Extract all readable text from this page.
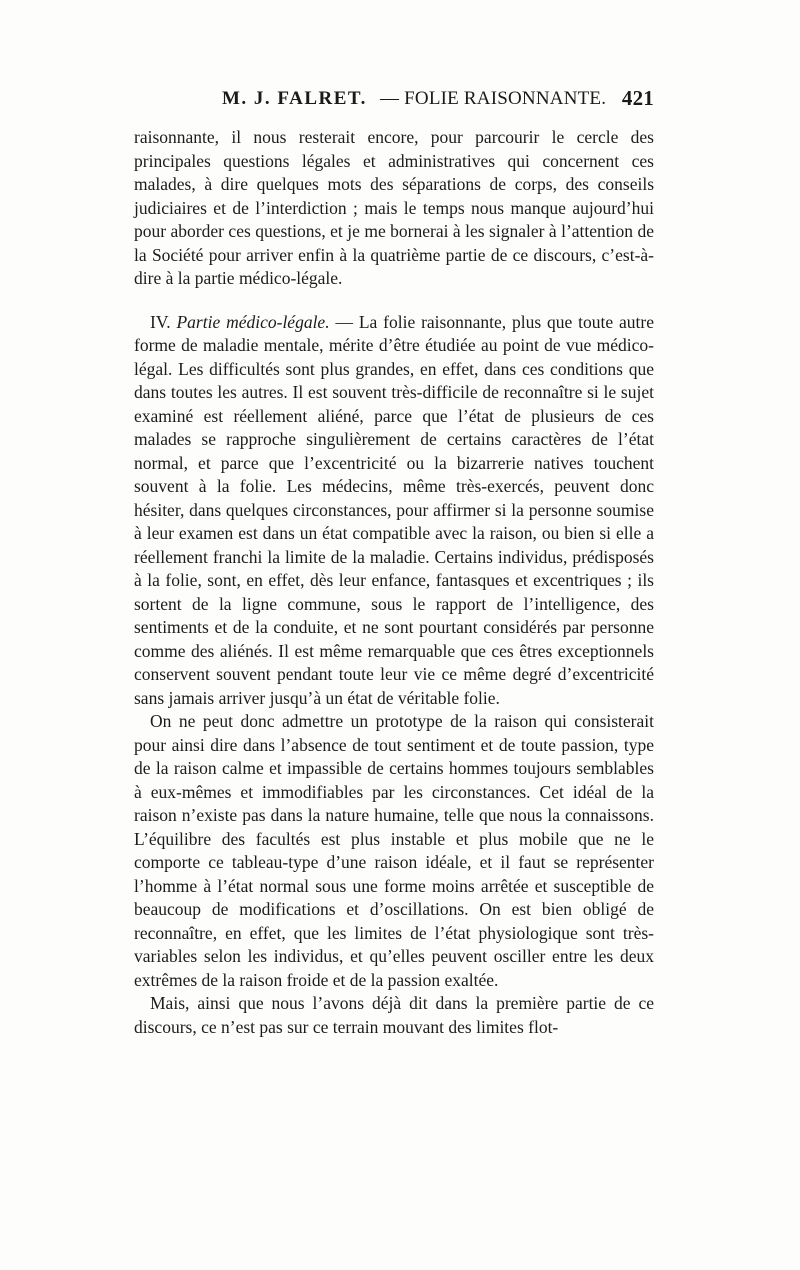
M. J. FALRET. — FOLIE RAISONNANTE. 421

raisonnante, il nous resterait encore, pour parcourir le cercle des principales questions légales et administratives qui concernent ces malades, à dire quelques mots des séparations de corps, des conseils judiciaires et de l’interdiction ; mais le temps nous manque aujourd’hui pour aborder ces questions, et je me bornerai à les signaler à l’attention de la Société pour arriver enfin à la quatrième partie de ce discours, c’est-à-dire à la partie médico-légale.

IV. Partie médico-légale. — La folie raisonnante, plus que toute autre forme de maladie mentale, mérite d’être étudiée au point de vue médico-légal. Les difficultés sont plus grandes, en effet, dans ces conditions que dans toutes les autres. Il est souvent très-difficile de reconnaître si le sujet examiné est réellement aliéné, parce que l’état de plusieurs de ces malades se rapproche singulièrement de certains caractères de l’état normal, et parce que l’excentricité ou la bizarrerie natives touchent souvent à la folie. Les médecins, même très-exercés, peuvent donc hésiter, dans quelques circonstances, pour affirmer si la personne soumise à leur examen est dans un état compatible avec la raison, ou bien si elle a réellement franchi la limite de la maladie. Certains individus, prédisposés à la folie, sont, en effet, dès leur enfance, fantasques et excentriques ; ils sortent de la ligne commune, sous le rapport de l’intelligence, des sentiments et de la conduite, et ne sont pourtant considérés par personne comme des aliénés. Il est même remarquable que ces êtres exceptionnels conservent souvent pendant toute leur vie ce même degré d’excentricité sans jamais arriver jusqu’à un état de véritable folie.

On ne peut donc admettre un prototype de la raison qui consisterait pour ainsi dire dans l’absence de tout sentiment et de toute passion, type de la raison calme et impassible de certains hommes toujours semblables à eux-mêmes et immodifiables par les circonstances. Cet idéal de la raison n’existe pas dans la nature humaine, telle que nous la connaissons. L’équilibre des facultés est plus instable et plus mobile que ne le comporte ce tableau-type d’une raison idéale, et il faut se représenter l’homme à l’état normal sous une forme moins arrêtée et susceptible de beaucoup de modifications et d’oscillations. On est bien obligé de reconnaître, en effet, que les limites de l’état physiologique sont très-variables selon les individus, et qu’elles peuvent osciller entre les deux extrêmes de la raison froide et de la passion exaltée.

Mais, ainsi que nous l’avons déjà dit dans la première partie de ce discours, ce n’est pas sur ce terrain mouvant des limites flot-
